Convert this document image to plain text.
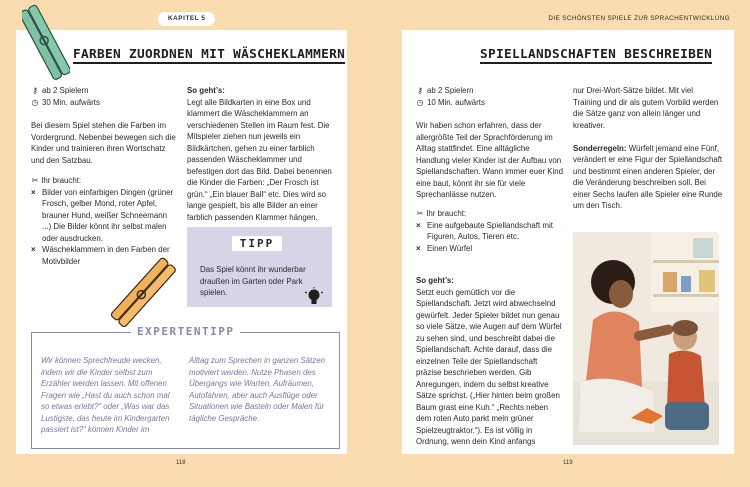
KAPITEL 5
FARBEN ZUORDNEN MIT WÄSCHEKLAMMERN
⚷ ab 2 Spielern
◷ 30 Min. aufwärts

Bei diesem Spiel stehen die Farben im Vordergrund. Nebenbei bewegen sich die Kinder und trainieren ihren Wortschatz und den Satzbau.

✂ Ihr braucht:
× Bilder von einfarbigen Dingen (grüner Frosch, gelber Mond, roter Apfel, brauner Hund, weißer Schneemann ...) Die Bilder könnt ihr selbst malen oder ausdrucken.
× Wäscheklammern in den Farben der Motivbilder
So geht’s:
Legt alle Bildkarten in eine Box und klammert die Wäscheklammern an verschiedenen Stellen im Raum fest. Die Mitspieler ziehen nun jeweils ein Bildkärtchen, gehen zu einer farblich passenden Wäscheklammer und befestigen dort das Bild. Dabei benennen die Kinder die Farben: „Der Frosch ist grün.“ „Ein blauer Ball“ etc. Dies wird so lange gespielt, bis alle Bilder an einer farblich passenden Klammer hängen.
TIPP
Das Spiel könnt ihr wunderbar draußen im Garten oder Park spielen.
EXPERTENTIPP
Wir können Sprechfreude wecken, indem wir die Kinder selbst zum Erzähler werden lassen. Mit offenen Fragen wie „Hast du auch schon mal so etwas erlebt?“ oder „Was war das Lustigste, das heute im Kindergarten passiert ist?“ können Kinder im
Alltag zum Sprechen in ganzen Sätzen motiviert werden. Nutze Phasen des Übergangs wie Warten, Aufräumen, Autofahren, aber auch Ausflüge oder Situationen wie Basteln oder Malen für tägliche Gespräche.
118
DIE SCHÖNSTEN SPIELE ZUR SPRACHENTWICKLUNG
SPIELLANDSCHAFTEN BESCHREIBEN
⚷ ab 2 Spielern
◷ 10 Min. aufwärts

Wir haben schon erfahren, dass der allergrößte Teil der Sprachförderung im Alltag stattfindet. Eine alltägliche Handlung vieler Kinder ist der Aufbau von Spiellandschaften. Wann immer euer Kind eine baut, könnt ihr sie für viele Sprechanlässe nutzen.

✂ Ihr braucht:
× Eine aufgebaute Spiellandschaft mit Figuren, Autos, Tieren etc.
× Einen Würfel
So geht’s:
Setzt euch gemütlich vor die Spiellandschaft. Jetzt wird abwechselnd gewürfelt. Jeder Spieler bildet nun genau so viele Sätze, wie Augen auf dem Würfel zu sehen sind, und beschreibt dabei die Spiellandschaft. Achte darauf, dass die einzelnen Teile der Spiellandschaft präzise beschrieben werden. Gib Anregungen, indem du selbst kreative Sätze sprichst. („Hier hinten beim großen Baum grast eine Kuh.“ „Rechts neben dem roten Auto parkt mein grüner Spielzeugtraktor.“). Es ist völlig in Ordnung, wenn dein Kind anfangs

nur Drei-Wort-Sätze bildet. Mit viel Training und dir als gutem Vorbild werden die Sätze ganz von allein länger und kreativer.

Sonderregeln: Würfelt jemand eine Fünf, verändert er eine Figur der Spiellandschaft und bestimmt einen anderen Spieler, der die Veränderung beschreiben soll. Bei einer Sechs laufen alle Spieler eine Runde um den Tisch.
119
